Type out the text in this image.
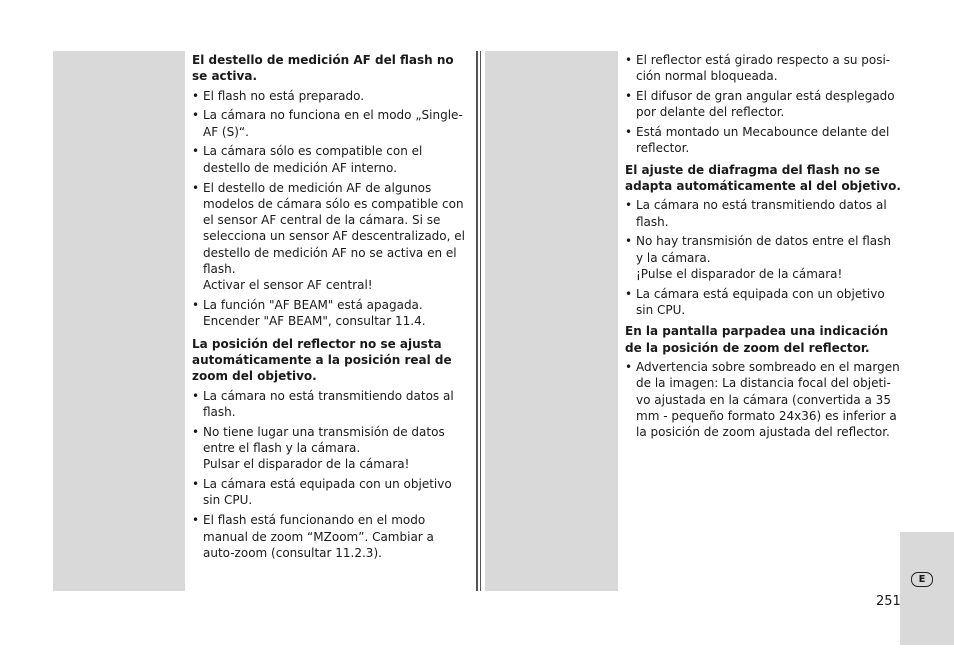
El destello de medición AF del flash no se activa.
• El flash no está preparado.
• La cámara no funciona en el modo „Single-AF (S)“.
• La cámara sólo es compatible con el destello de medición AF interno.
• El destello de medición AF de algunos modelos de cámara sólo es compatible con el sensor AF central de la cámara. Si se selecciona un sensor AF descentralizado, el destello de medición AF no se activa en el flash.
Activar el sensor AF central!
• La función "AF BEAM" está apagada. Encender "AF BEAM", consultar 11.4.
La posición del reflector no se ajusta automáticamente a la posición real de zoom del objetivo.
• La cámara no está transmitiendo datos al flash.
• No tiene lugar una transmisión de datos entre el flash y la cámara.
Pulsar el disparador de la cámara!
• La cámara está equipada con un objetivo sin CPU.
• El flash está funcionando en el modo manual de zoom “MZoom”. Cambiar a auto-zoom (consultar 11.2.3).
• El reflector está girado respecto a su posi-ción normal bloqueada.
• El difusor de gran angular está desplegado por delante del reflector.
• Está montado un Mecabounce delante del reflector.
El ajuste de diafragma del flash no se adapta automáticamente al del objetivo.
• La cámara no está transmitiendo datos al flash.
• No hay transmisión de datos entre el flash y la cámara.
¡Pulse el disparador de la cámara!
• La cámara está equipada con un objetivo sin CPU.
En la pantalla parpadea una indicación de la posición de zoom del reflector.
• Advertencia sobre sombreado en el margen de la imagen: La distancia focal del objeti-vo ajustada en la cámara (convertida a 35 mm - pequeño formato 24x36) es inferior a la posición de zoom ajustada del reflector.
E
251
